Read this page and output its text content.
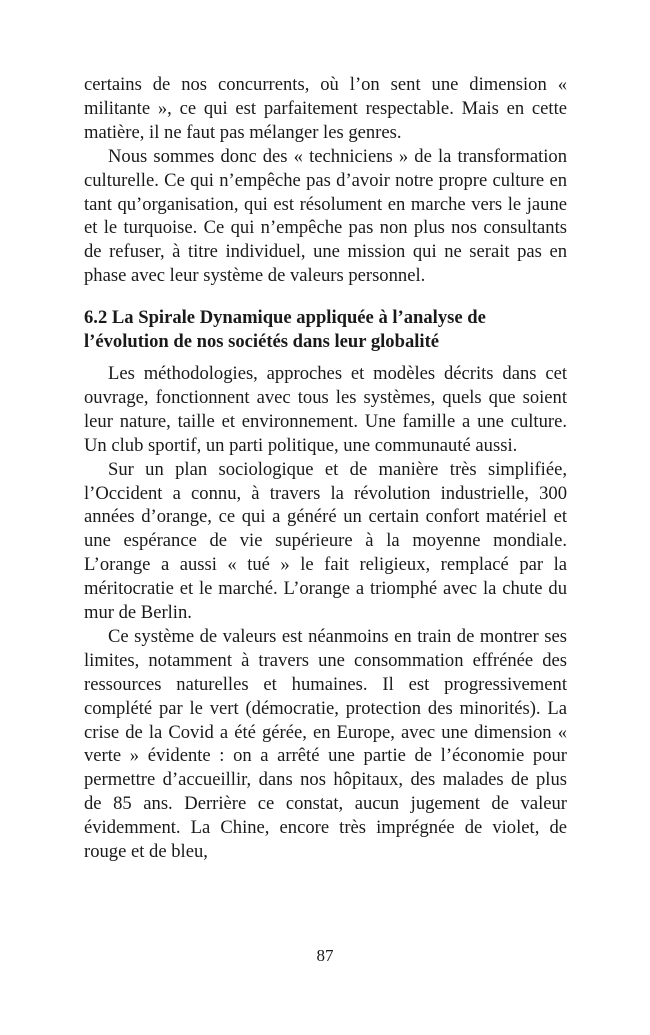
certains de nos concurrents, où l’on sent une dimension « militante », ce qui est parfaitement respectable. Mais en cette matière, il ne faut pas mélanger les genres.

Nous sommes donc des « techniciens » de la transformation culturelle. Ce qui n’empêche pas d’avoir notre propre culture en tant qu’organisation, qui est résolument en marche vers le jaune et le turquoise. Ce qui n’empêche pas non plus nos consultants de refuser, à titre individuel, une mission qui ne serait pas en phase avec leur système de valeurs personnel.

6.2 La Spirale Dynamique appliquée à l’analyse de l’évolution de nos sociétés dans leur globalité

Les méthodologies, approches et modèles décrits dans cet ouvrage, fonctionnent avec tous les systèmes, quels que soient leur nature, taille et environnement. Une famille a une culture. Un club sportif, un parti politique, une communauté aussi.

Sur un plan sociologique et de manière très simplifiée, l’Occident a connu, à travers la révolution industrielle, 300 années d’orange, ce qui a généré un certain confort matériel et une espérance de vie supérieure à la moyenne mondiale. L’orange a aussi « tué » le fait religieux, remplacé par la méritocratie et le marché. L’orange a triomphé avec la chute du mur de Berlin.

Ce système de valeurs est néanmoins en train de montrer ses limites, notamment à travers une consommation effrénée des ressources naturelles et humaines. Il est progressivement complété par le vert (démocratie, protection des minorités). La crise de la Covid a été gérée, en Europe, avec une dimension « verte » évidente : on a arrêté une partie de l’économie pour permettre d’accueillir, dans nos hôpitaux, des malades de plus de 85 ans. Derrière ce constat, aucun jugement de valeur évidemment. La Chine, encore très imprégnée de violet, de rouge et de bleu,

87
